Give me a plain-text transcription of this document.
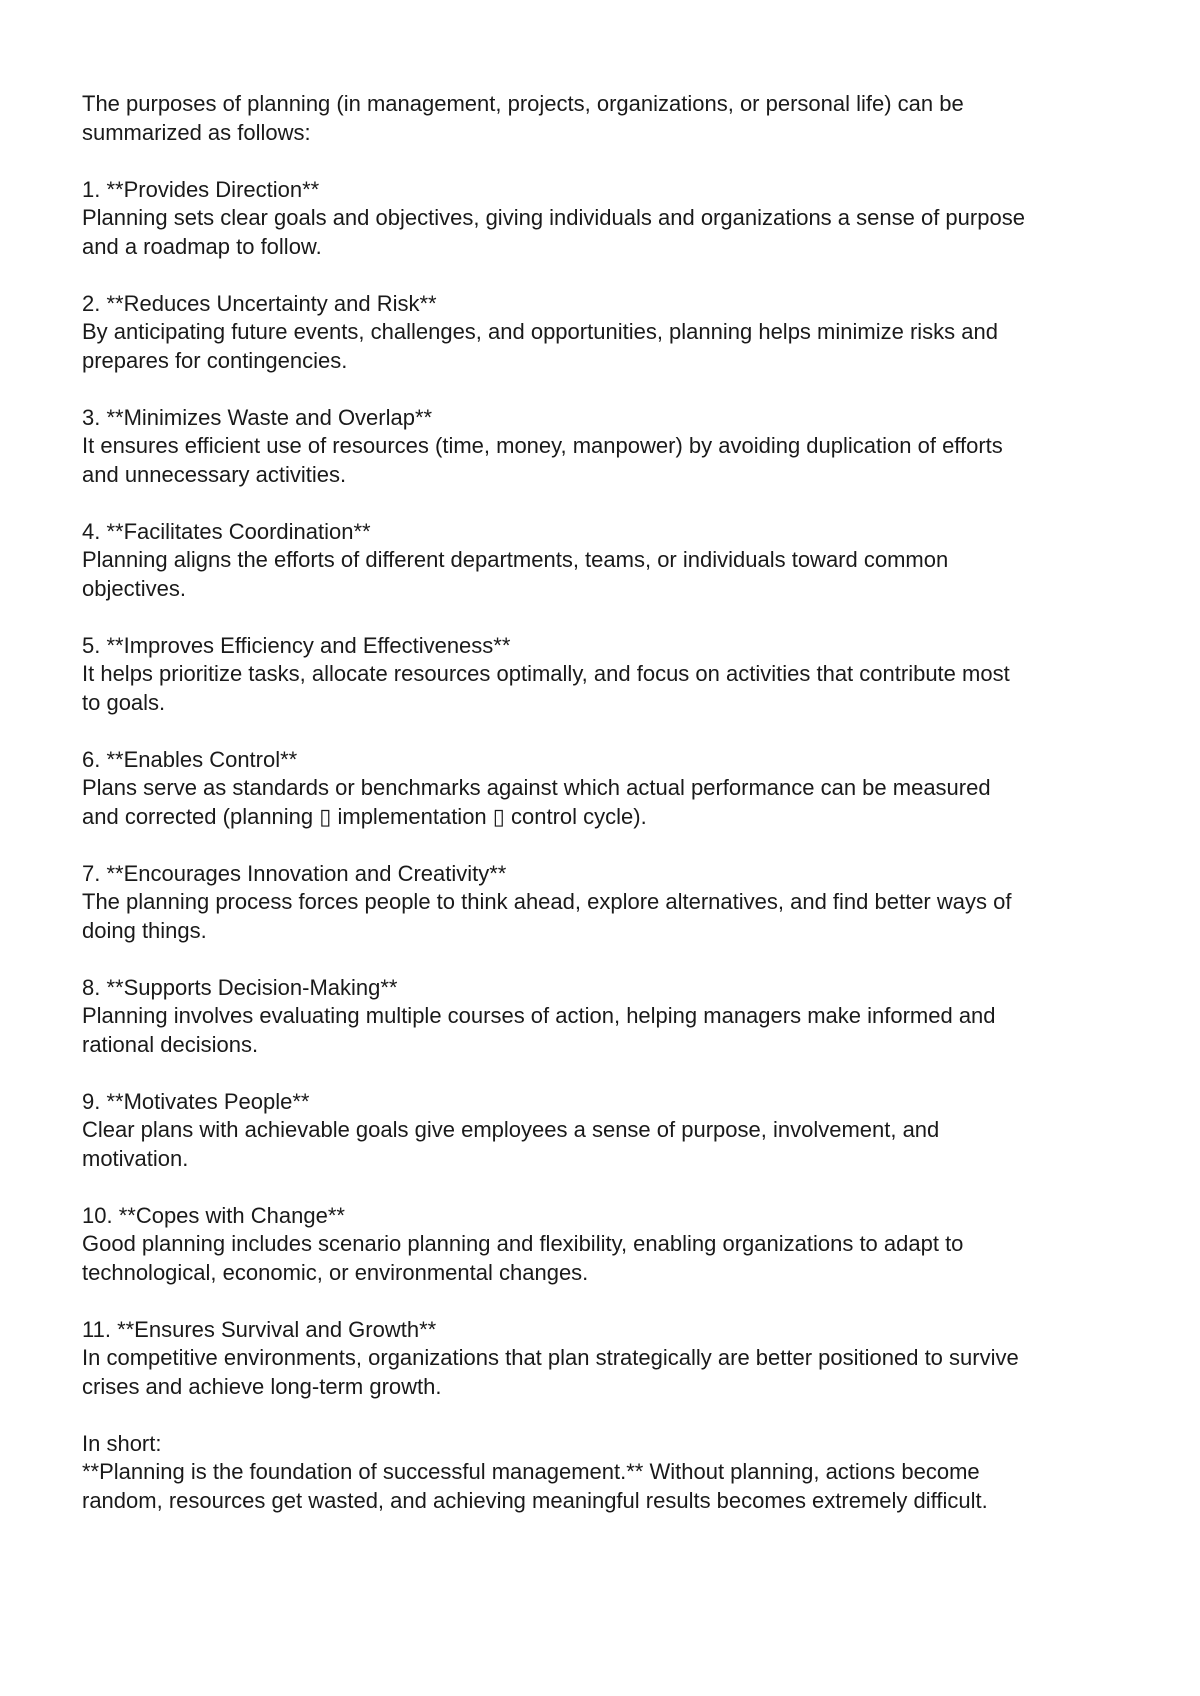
The purposes of planning (in management, projects, organizations, or personal life) can be
summarized as follows:

1. **Provides Direction**
Planning sets clear goals and objectives, giving individuals and organizations a sense of purpose
and a roadmap to follow.

2. **Reduces Uncertainty and Risk**
By anticipating future events, challenges, and opportunities, planning helps minimize risks and
prepares for contingencies.

3. **Minimizes Waste and Overlap**
It ensures efficient use of resources (time, money, manpower) by avoiding duplication of efforts
and unnecessary activities.

4. **Facilitates Coordination**
Planning aligns the efforts of different departments, teams, or individuals toward common
objectives.

5. **Improves Efficiency and Effectiveness**
It helps prioritize tasks, allocate resources optimally, and focus on activities that contribute most
to goals.

6. **Enables Control**
Plans serve as standards or benchmarks against which actual performance can be measured
and corrected (planning ▯ implementation ▯ control cycle).

7. **Encourages Innovation and Creativity**
The planning process forces people to think ahead, explore alternatives, and find better ways of
doing things.

8. **Supports Decision-Making**
Planning involves evaluating multiple courses of action, helping managers make informed and
rational decisions.

9. **Motivates People**
Clear plans with achievable goals give employees a sense of purpose, involvement, and
motivation.

10. **Copes with Change**
Good planning includes scenario planning and flexibility, enabling organizations to adapt to
technological, economic, or environmental changes.

11. **Ensures Survival and Growth**
In competitive environments, organizations that plan strategically are better positioned to survive
crises and achieve long-term growth.

In short:
**Planning is the foundation of successful management.** Without planning, actions become
random, resources get wasted, and achieving meaningful results becomes extremely difficult.
